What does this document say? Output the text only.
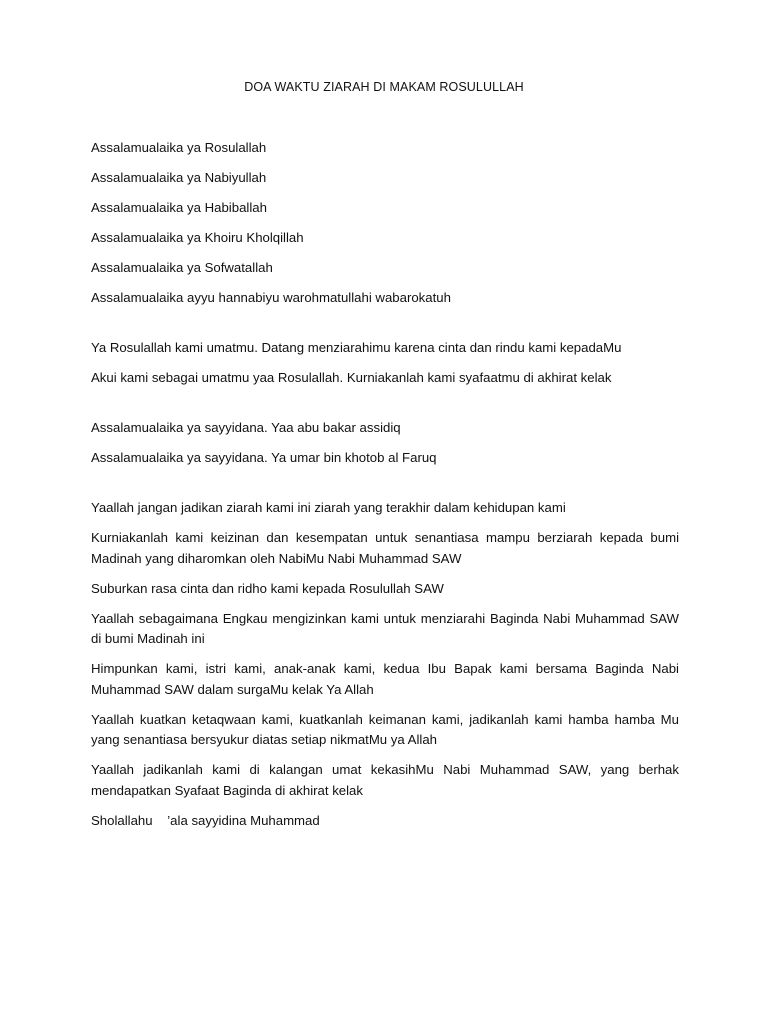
DOA WAKTU ZIARAH DI MAKAM ROSULULLAH

Assalamualaika ya Rosulallah

Assalamualaika ya Nabiyullah

Assalamualaika ya Habiballah

Assalamualaika ya Khoiru Kholqillah

Assalamualaika ya Sofwatallah

Assalamualaika ayyu hannabiyu warohmatullahi wabarokatuh

Ya Rosulallah kami umatmu. Datang menziarahimu karena cinta dan rindu kami kepadaMu

Akui kami sebagai umatmu yaa Rosulallah. Kurniakanlah kami syafaatmu di akhirat kelak

Assalamualaika ya sayyidana. Yaa abu bakar assidiq

Assalamualaika ya sayyidana. Ya umar bin khotob al Faruq

Yaallah jangan jadikan ziarah kami ini ziarah yang terakhir dalam kehidupan kami

Kurniakanlah kami keizinan dan kesempatan untuk senantiasa mampu berziarah kepada bumi Madinah yang diharomkan oleh NabiMu Nabi Muhammad SAW

Suburkan rasa cinta dan ridho kami kepada Rosulullah SAW

Yaallah sebagaimana Engkau mengizinkan kami untuk menziarahi Baginda Nabi Muhammad SAW di bumi Madinah ini

Himpunkan kami, istri kami, anak-anak kami, kedua Ibu Bapak kami bersama Baginda Nabi Muhammad SAW dalam surgaMu kelak Ya Allah

Yaallah kuatkan ketaqwaan kami, kuatkanlah keimanan kami, jadikanlah kami hamba hamba Mu yang senantiasa bersyukur diatas setiap nikmatMu ya Allah

Yaallah jadikanlah kami di kalangan umat kekasihMu Nabi Muhammad SAW, yang berhak mendapatkan Syafaat Baginda di akhirat kelak

Sholallahu    ’ala sayyidina Muhammad
